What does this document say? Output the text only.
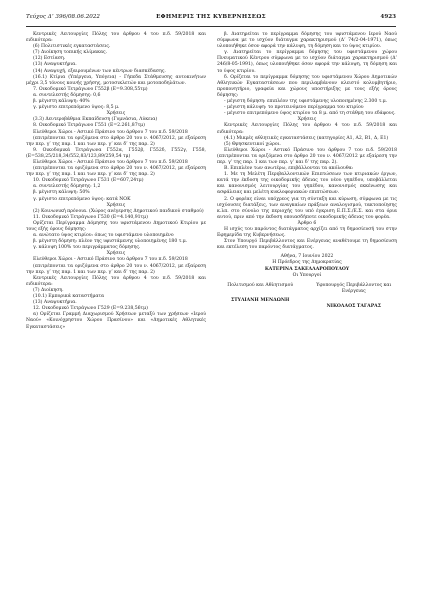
Τεύχος Δ’ 396/08.06.2022	ΕΦΗΜΕΡΙΣ ΤΗΣ ΚΥΒΕΡΝΗΣΕΩΣ	4923

Κεντρικές Λειτουργίες Πόλης του άρθρου 4 του π.δ. 59/2018 και ειδικότερα:

(6) Πολιτιστικές εγκαταστάσεις.

(7) Διοίκηση τοπικής κλίμακας.

(12) Εστίαση.

(13) Αναψυκτήρια.

(14) Αναψυχή, εξαιρουμένων των κέντρων διασκέδασης.

(16.1) Κτίρια (Υπέργεια, Υπόγεια) - Γήπεδα Στάθμευσης αυτοκινήτων μέχρι 3,5 τόνους κοινής χρήσης, μοτοσικλετών και μοτοποδηλάτων.

7. Οικοδομικό Τετράγωνο Γ552β (Ε=9.308,55τμ)

α. συντελεστής δόμησης: 0,6

β. μέγιστη κάλυψη: 40%

γ. μέγιστο επιτρεπόμενο ύψος: 8,5 μ.

Χρήσεις

(3.3) Δευτεροβάθμια Εκπαίδευση (Γυμνάσια, Λύκεια)

8. Οικοδομικό Τετράγωνο Γ551 (Ε=2.261,87τμ)

Ελεύθεροι Χώροι - Αστικό Πράσινο του άρθρου 7 του π.δ. 59/2018

(επιτρέπονται τα οριζόμενα στο άρθρο 20 του ν. 4067/2012, με εξαίρεση την περ. γ’ της παρ. 1 και των περ. γ’ και δ’ της παρ. 2)

9. Οικοδομικά Τετράγωνα Γ552α, Γ552β, Γ552δ, Γ552γ, Γ558, (Ε=538,25/218,34/552,83/123,89/259,54 τμ)

Ελεύθεροι Χώροι - Αστικό Πράσινο του άρθρου 7 του π.δ. 59/2018

(επιτρέπονται τα οριζόμενα στο άρθρο 20 του ν. 4067/2012, με εξαίρεση την περ. γ’ της παρ. 1 και των περ. γ’ και δ’ της παρ. 2)

10. Οικοδομικό Τετράγωνο Γ531 (Ε=607,24τμ)

α. συντελεστής δόμησης: 1,2

β. μέγιστη κάλυψη: 50%

γ. μέγιστο επιτρεπόμενο ύψος: κατά ΝΟΚ

Χρήσεις

(2) Κοινωνική πρόνοια. (Χώρος ανέγερσης Δημοτικού παιδικού σταθμού)

11. Οικοδομικό Τετράγωνο Γ530 (Ε=4.140,91τμ)

Ορίζεται Περίγραμμα Δόμησης του υφιστάμενου Δημοτικού Κτιρίου με τους εξής όρους δόμησης:

α. ανώτατο ύψος κτιρίου: όπως το υφιστάμενο υλοποιημένο

β. μέγιστη δόμηση: πλέον της υφιστάμενης υλοποιημένης 180 τ.μ.

γ. κάλυψη 100% του περιγράμματος δόμησης.

Χρήσεις

Ελεύθεροι Χώροι - Αστικό Πράσινο του άρθρου 7 του π.δ. 59/2018

(επιτρέπονται τα οριζόμενα στο άρθρο 20 του ν. 4067/2012, με εξαίρεση την περ. γ’ της παρ. 1 και των περ. γ’ και δ’ της παρ. 2)

Κεντρικές Λειτουργίες Πόλης του άρθρου 4 του π.δ. 59/2018 και ειδικότερα:

(7) Διοίκηση.

(10.1) Εμπορικά καταστήματα

(13) Αναψυκτήρια.

12. Οικοδομικό Τετράγωνο Γ529 (Ε=9.238,56τμ)

α) Ορίζεται Γραμμή Διαχωρισμού Χρήσεων μεταξύ των χρήσεων «Ιερού Ναού» «Κοινόχρηστου Χώρου Πρασίνου» και «Δημοτικές Αθλητικές Εγκαταστάσεις»

β. Διατηρείται το περίγραμμα δόμησης του υφιστάμενου Ιερού Ναού σύμφωνα με το ισχύον διάταγμα χαρακτηρισμού (Δ’ 74/2-04-1971), όπως υλοποιήθηκε όσον αφορά την κάλυψη, τη δόμηση και το ύψος κτιρίου.

γ. Διατηρείται το περίγραμμα δόμησης του υφιστάμενου χώρου Πνευματικού Κέντρου σύμφωνα με το ισχύον διάταγμα χαρακτηρισμού (Δ’ 246/8-05-1991), όπως υλοποιήθηκε όσον αφορά την κάλυψη, τη δόμηση και το ύψος κτιρίου.

δ. Ορίζεται το περίγραμμα δόμησης του υφιστάμενου Χώρου Δημοτικών Αθλητικών Εγκαταστάσεων που περιλαμβάνουν κλειστό κολυμβητήριο, προπονητήριο, γραφεία και χώρους υποστήριξης με τους εξής όρους δόμησης:

- μέγιστη δόμηση: επιπλέον της υφιστάμενης υλοποιημένης 2.300 τ.μ.

- μέγιστη κάλυψη: το προτεινόμενο περίγραμμα του κτιρίου

- μέγιστο επιτρεπόμενο ύψος κτιρίου τα 8 μ. από τη στάθμη του εδάφους.

Χρήσεις

Κεντρικές Λειτουργίες Πόλης του άρθρου 4 του π.δ. 59/2018 και ειδικότερα:

(4.1) Μικρές αθλητικές εγκαταστάσεις (κατηγορίες Α1, Α2, Β1, Δ, Ε1)

(5) Θρησκευτικοί χώροι.

Ελεύθεροι Χώροι - Αστικό Πράσινο του άρθρου 7 του π.δ. 59/2018 (επιτρέπονται τα οριζόμενα στο άρθρο 20 του ν. 4067/2012 με εξαίρεση την περ. γ’ της παρ. 1 και των περ. γ’ και δ’ της παρ. 2).

Β. Επιπλέον των ανωτέρω, επιβάλλονται τα ακόλουθα:

1. Με τη Μελέτη Περιβαλλοντικών Επιπτώσεων των κτιριακών έργων, κατά την έκδοση της οικοδομικής άδειας του νέου γηπέδου, υποβάλλεται και κανονισμός λειτουργίας του γηπέδου, κανονισμός εκκένωσης και ασφάλειας και μελέτη κυκλοφοριακών επιπτώσεων.

2. Ο φορέας είναι υπόχρεος για τη σύνταξη και κύρωση, σύμφωνα με τις ισχύουσες διατάξεις, των αναγκαίων πράξεων αναλογισμού, τακτοποίησης κ.λπ. στο σύνολο της περιοχής του υπό έγκριση Ε.Π.Σ./Ε.Σ. και στα όρια αυτού, πριν από την έκδοση οποιασδήποτε οικοδομικής άδειας του φορέα.

Άρθρο 6

Η ισχύς του παρόντος διατάγματος αρχίζει από τη δημοσίευσή του στην Εφημερίδα της Κυβερνήσεως.

Στον Υπουργό Περιβάλλοντος και Ενέργειας αναθέτουμε τη δημοσίευση και εκτέλεση του παρόντος διατάγματος.

Αθήνα, 7 Ιουνίου 2022

Η Πρόεδρος της Δημοκρατίας

ΚΑΤΕΡΙΝΑ ΣΑΚΕΛΛΑΡΟΠΟΥΛΟΥ

Οι Υπουργοί

Πολιτισμού και Αθλητισμού

ΣΤΥΛΙΑΝΗ ΜΕΝΔΩΝΗ

Υφυπουργός Περιβάλλοντος και Ενέργειας

ΝΙΚΟΛΑΟΣ ΤΑΓΑΡΑΣ
